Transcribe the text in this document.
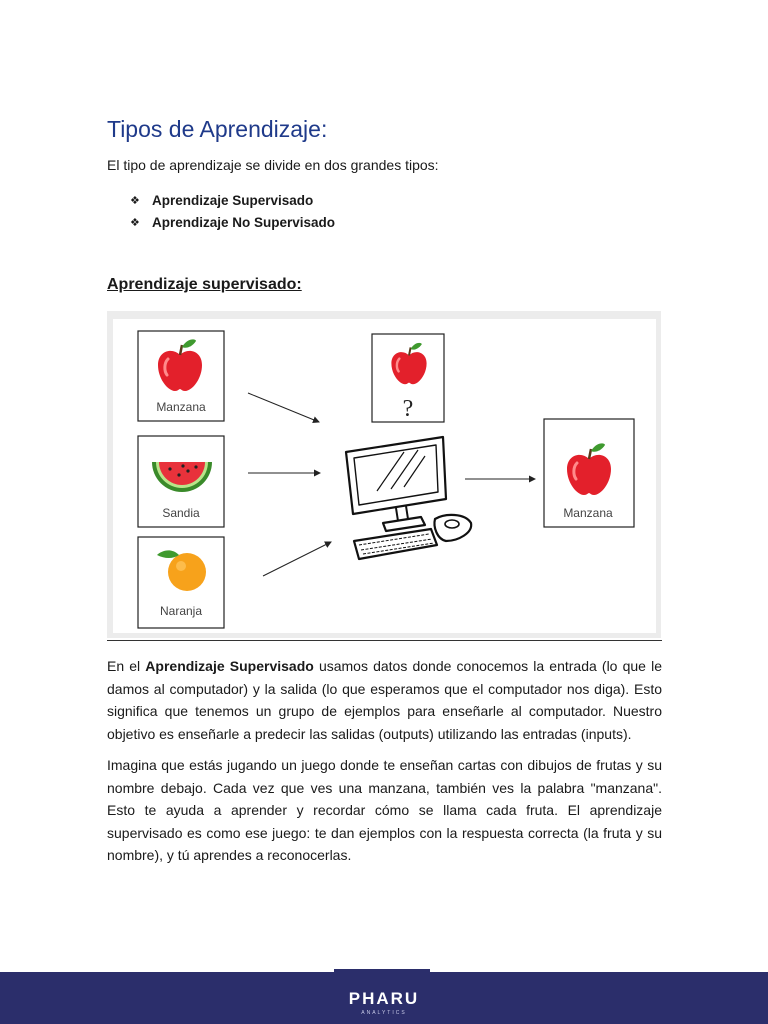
Tipos de Aprendizaje:

El tipo de aprendizaje se divide en dos grandes tipos:

❖ Aprendizaje Supervisado
❖ Aprendizaje No Supervisado
Aprendizaje supervisado:
Manzana
Sandia
Naranja
?
Manzana

En el Aprendizaje Supervisado usamos datos donde conocemos la entrada (lo que le damos al computador) y la salida (lo que esperamos que el computador nos diga). Esto significa que tenemos un grupo de ejemplos para enseñarle al computador. Nuestro objetivo es enseñarle a predecir las salidas (outputs) utilizando las entradas (inputs).

Imagina que estás jugando un juego donde te enseñan cartas con dibujos de frutas y su nombre debajo. Cada vez que ves una manzana, también ves la palabra "manzana". Esto te ayuda a aprender y recordar cómo se llama cada fruta. El aprendizaje supervisado es como ese juego: te dan ejemplos con la respuesta correcta (la fruta y su nombre), y tú aprendes a reconocerlas.

PHARU
ANALYTICS
